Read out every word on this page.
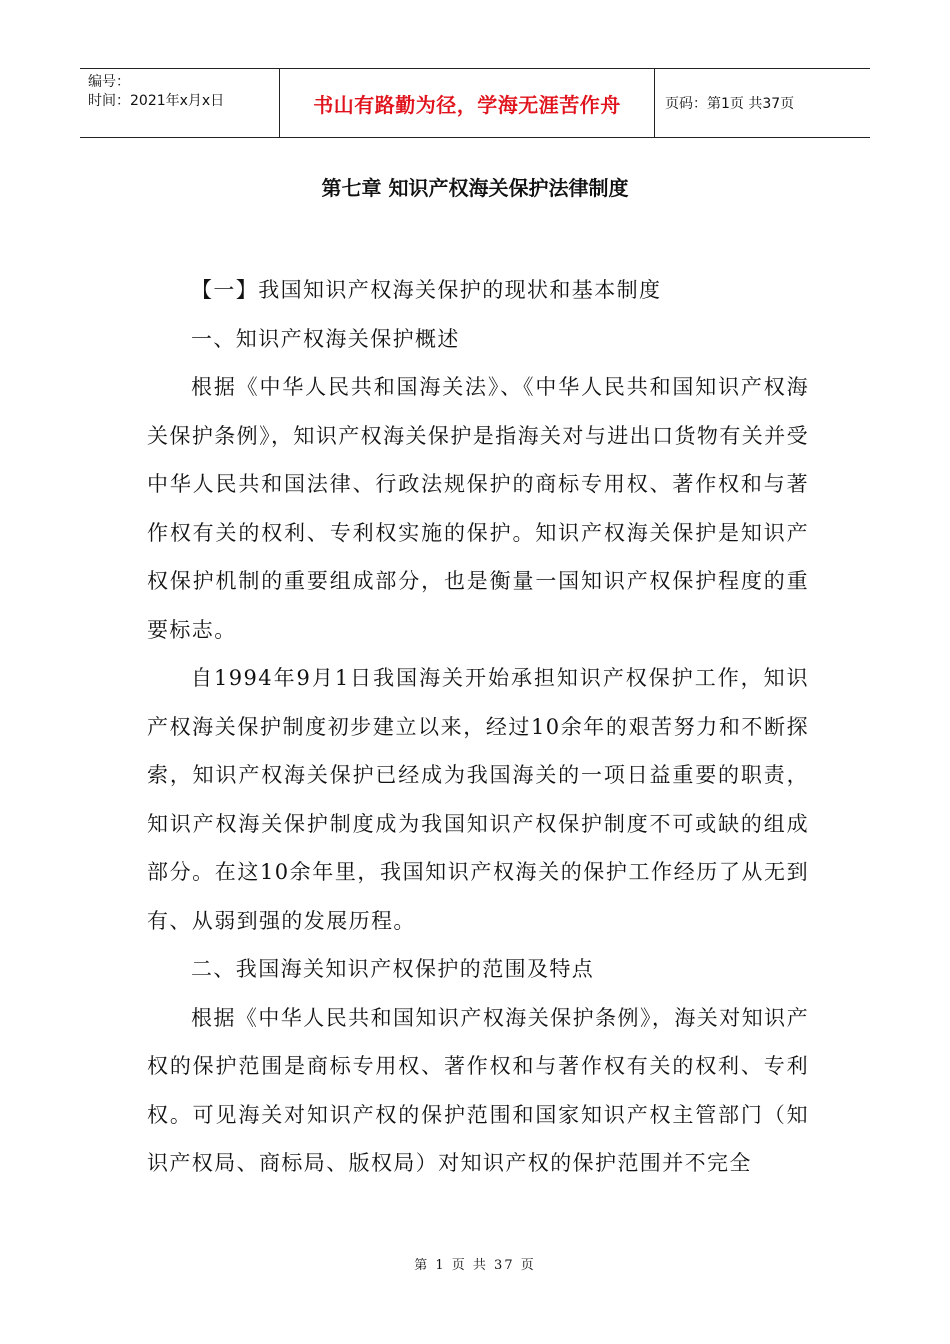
编号：
时间：2021年x月x日	书山有路勤为径，学海无涯苦作舟	页码：第1页 共37页
第七章 知识产权海关保护法律制度

【一】我国知识产权海关保护的现状和基本制度

一、知识产权海关保护概述

根据《中华人民共和国海关法》、《中华人民共和国知识产权海关保护条例》，知识产权海关保护是指海关对与进出口货物有关并受中华人民共和国法律、行政法规保护的商标专用权、著作权和与著作权有关的权利、专利权实施的保护。知识产权海关保护是知识产权保护机制的重要组成部分，也是衡量一国知识产权保护程度的重要标志。

自1994年9月1日我国海关开始承担知识产权保护工作，知识产权海关保护制度初步建立以来，经过10余年的艰苦努力和不断探索，知识产权海关保护已经成为我国海关的一项日益重要的职责，知识产权海关保护制度成为我国知识产权保护制度不可或缺的组成部分。在这10余年里，我国知识产权海关的保护工作经历了从无到有、从弱到强的发展历程。

二、我国海关知识产权保护的范围及特点

根据《中华人民共和国知识产权海关保护条例》，海关对知识产权的保护范围是商标专用权、著作权和与著作权有关的权利、专利权。可见海关对知识产权的保护范围和国家知识产权主管部门（知识产权局、商标局、版权局）对知识产权的保护范围并不完全

第 1 页 共 37 页
